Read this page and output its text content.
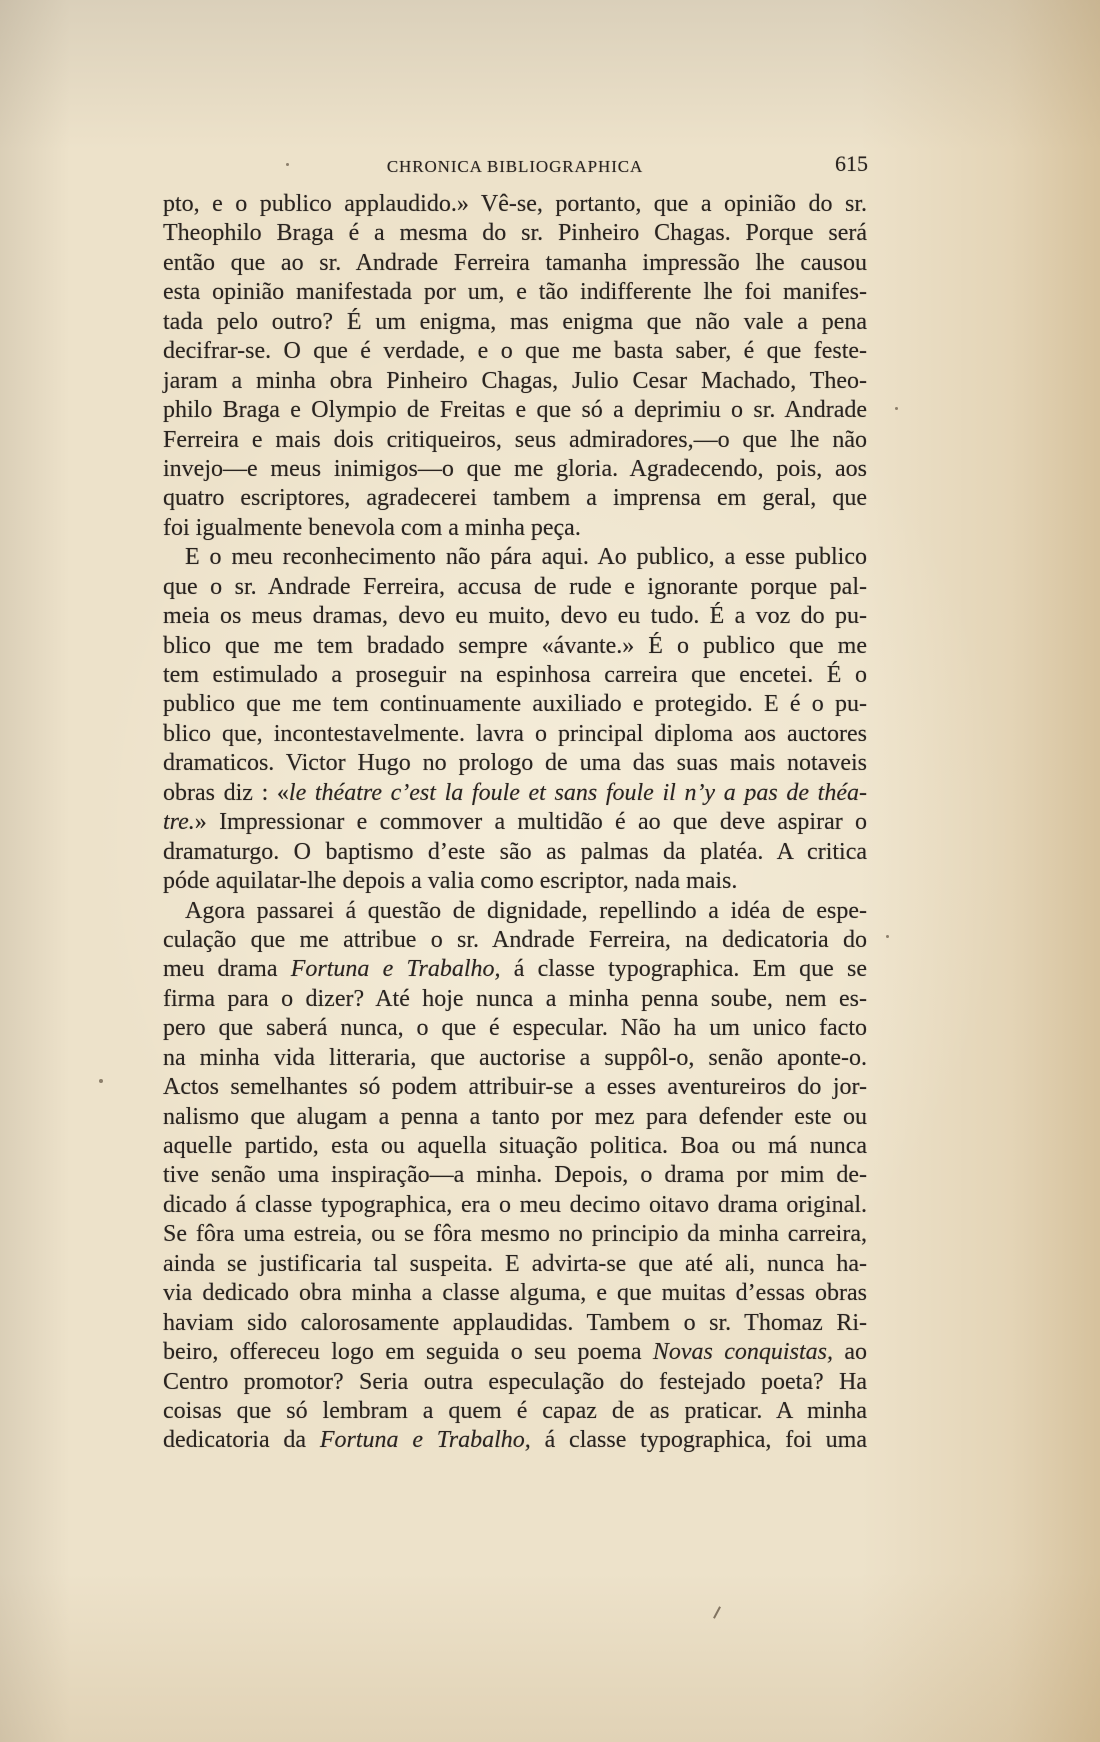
CHRONICA BIBLIOGRAPHICA	615
pto, e o publico applaudido.» Vê-se, portanto, que a opinião do sr.
Theophilo Braga é a mesma do sr. Pinheiro Chagas. Porque será
então que ao sr. Andrade Ferreira tamanha impressão lhe causou
esta opinião manifestada por um, e tão indifferente lhe foi manifes-
tada pelo outro? É um enigma, mas enigma que não vale a pena
decifrar-se. O que é verdade, e o que me basta saber, é que feste-
jaram a minha obra Pinheiro Chagas, Julio Cesar Machado, Theo-
philo Braga e Olympio de Freitas e que só a deprimiu o sr. Andrade
Ferreira e mais dois critiqueiros, seus admiradores,—o que lhe não
invejo—e meus inimigos—o que me gloria. Agradecendo, pois, aos
quatro escriptores, agradecerei tambem a imprensa em geral, que
foi igualmente benevola com a minha peça.
E o meu reconhecimento não pára aqui. Ao publico, a esse publico
que o sr. Andrade Ferreira, accusa de rude e ignorante porque pal-
meia os meus dramas, devo eu muito, devo eu tudo. É a voz do pu-
blico que me tem bradado sempre «ávante.» É o publico que me
tem estimulado a proseguir na espinhosa carreira que encetei. É o
publico que me tem continuamente auxiliado e protegido. E é o pu-
blico que, incontestavelmente. lavra o principal diploma aos auctores
dramaticos. Victor Hugo no prologo de uma das suas mais notaveis
obras diz : «le théatre c’est la foule et sans foule il n’y a pas de théa-
tre.» Impressionar e commover a multidão é ao que deve aspirar o
dramaturgo. O baptismo d’este são as palmas da platéa. A critica
póde aquilatar-lhe depois a valia como escriptor, nada mais.
Agora passarei á questão de dignidade, repellindo a idéa de espe-
culação que me attribue o sr. Andrade Ferreira, na dedicatoria do
meu drama Fortuna e Trabalho, á classe typographica. Em que se
firma para o dizer? Até hoje nunca a minha penna soube, nem es-
pero que saberá nunca, o que é especular. Não ha um unico facto
na minha vida litteraria, que auctorise a suppôl-o, senão aponte-o.
Actos semelhantes só podem attribuir-se a esses aventureiros do jor-
nalismo que alugam a penna a tanto por mez para defender este ou
aquelle partido, esta ou aquella situação politica. Boa ou má nunca
tive senão uma inspiração—a minha. Depois, o drama por mim de-
dicado á classe typographica, era o meu decimo oitavo drama original.
Se fôra uma estreia, ou se fôra mesmo no principio da minha carreira,
ainda se justificaria tal suspeita. E advirta-se que até ali, nunca ha-
via dedicado obra minha a classe alguma, e que muitas d’essas obras
haviam sido calorosamente applaudidas. Tambem o sr. Thomaz Ri-
beiro, offereceu logo em seguida o seu poema Novas conquistas, ao
Centro promotor? Seria outra especulação do festejado poeta? Ha
coisas que só lembram a quem é capaz de as praticar. A minha
dedicatoria da Fortuna e Trabalho, á classe typographica, foi uma
